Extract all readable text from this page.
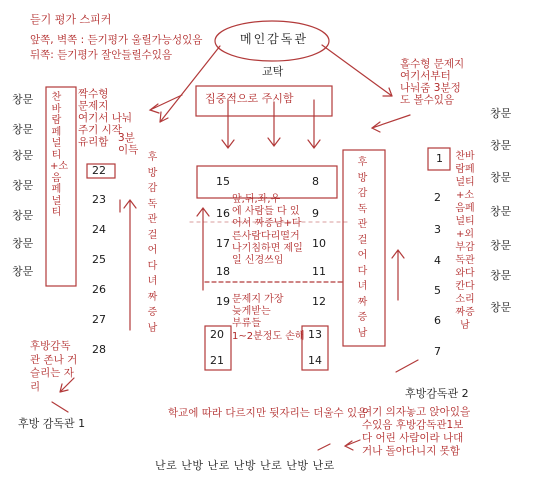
듣기 평가 스피커
앞쪽, 벽쪽 : 듣기평가 울릴가능성있음
뒤쪽: 듣기평가 잘안들릴수있음
메인감독관
교탁
홀수형 문제지
여기서부터
나눠줌 3분정
도 볼수있음
짝수형
문제지
여기서 나눠
주기 시작
유리함 3분
이득
집중적으로 주시함
창문
창문
창문
창문
창문
창문
창문
창문
창문
창문
창문
창문
창문
창문
찬바람페널티+소음페널티
22
23
24
25
26
27
28
후방감독관걸어다녀짜증남
15	8
16
17
18
19
20
21
9
10
11
12
13
14
앞,뒤,좌,우
에 사람들 다 있
어서 짜증남+다
른사람다리떨거
나기침하면 제일
일 신경쓰임
문제지 가장
늦게받는
부류들
1~2분정도 손해
후방감독관걸어다녀짜증남
1
2
3
4
5
6
7
찬바람페널티+소음페널티+외부감독관와다칸다소리짜증남
후방감독
관 존나 거
슬리는 자
리
후방 감독관 1
후방감독관 2
학교에 따라 다르지만 뒷자리는 더울수 있음
여기 의자놓고 앉아있을
수있음 후방감독관1보
다 어린 사람이라 나대
거나 돌아다니지 못함
난로 난방 난로 난방 난로 난방 난로
